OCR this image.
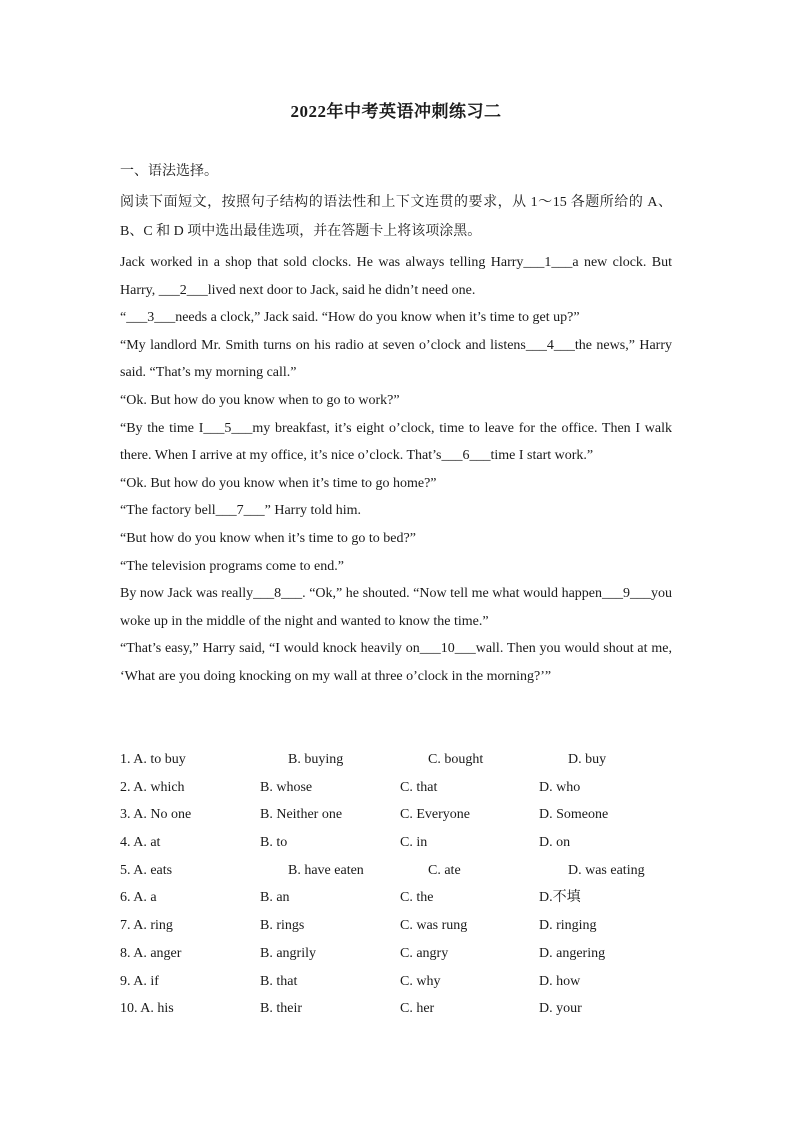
2022年中考英语冲刺练习二
一、语法选择。
阅读下面短文，按照句子结构的语法性和上下文连贯的要求，从 1～15 各题所给的 A、B、C 和 D 项中选出最佳选项，并在答题卡上将该项涂黑。

Jack worked in a shop that sold clocks. He was always telling Harry___1___a new clock. But Harry, ___2___lived next door to Jack, said he didn’t need one.

“___3___needs a clock,” Jack said. “How do you know when it’s time to get up?”

“My landlord Mr. Smith turns on his radio at seven o’clock and listens___4___the news,” Harry said. “That’s my morning call.”

“Ok. But how do you know when to go to work?”

“By the time I___5___my breakfast, it’s eight o’clock, time to leave for the office. Then I walk there. When I arrive at my office, it’s nice o’clock. That’s___6___time I start work.”

“Ok. But how do you know when it’s time to go home?”

“The factory bell___7___” Harry told him.

“But how do you know when it’s time to go to bed?”

“The television programs come to end.”

By now Jack was really___8___. “Ok,” he shouted. “Now tell me what would happen___9___you woke up in the middle of the night and wanted to know the time.”

“That’s easy,” Harry said, “I would knock heavily on___10___wall. Then you would shout at me, ‘What are you doing knocking on my wall at three o’clock in the morning?’”

1. A. to buy	B. buying	C. bought	D. buy
2. A. which	B. whose	C. that	D. who
3. A. No one	B. Neither one	C. Everyone	D. Someone
4. A. at	B. to	C. in	D. on
5. A. eats	B. have eaten	C. ate	D. was eating
6. A. a	B. an	C. the	D.不填
7. A. ring	B. rings	C. was rung	D. ringing
8. A. anger	B. angrily	C. angry	D. angering
9. A. if	B. that	C. why	D. how
10. A. his	B. their	C. her	D. your
